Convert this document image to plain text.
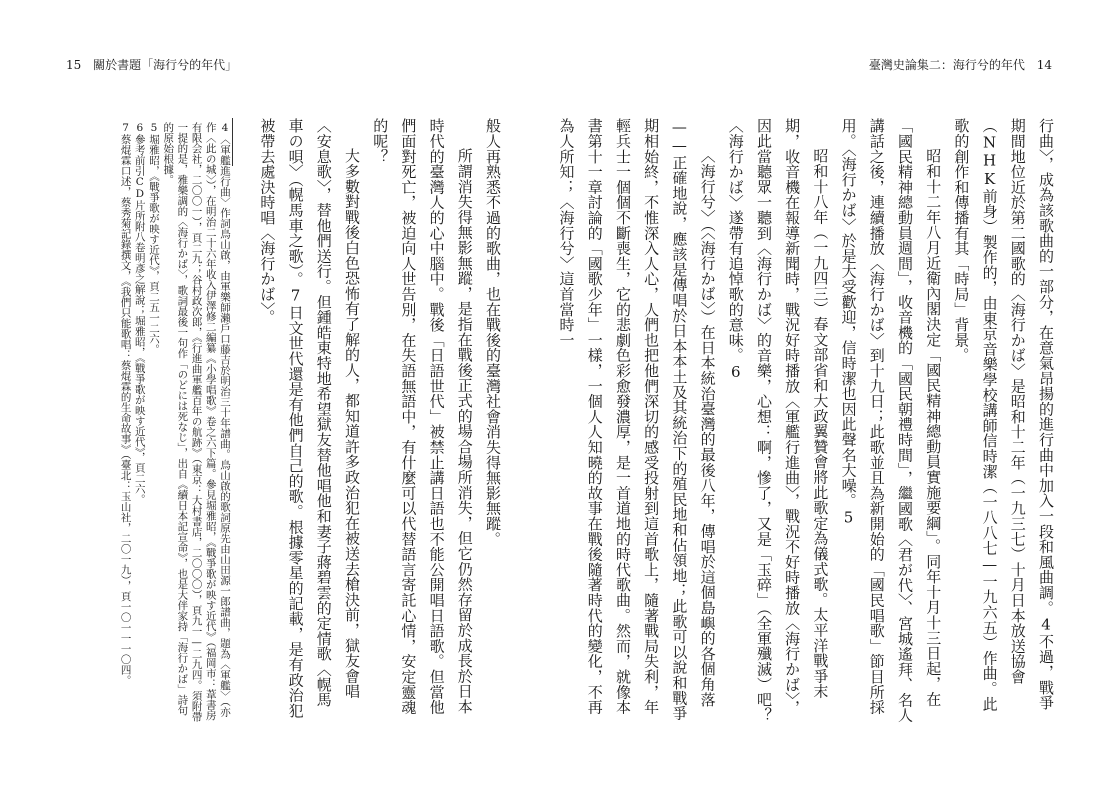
15 關於書題「海行兮的年代」

般人再熟悉不過的歌曲，也在戰後的臺灣社會消失得無影無蹤。

所謂消失得無影無蹤，是指在戰後正式的場合場所消失，但它仍然存留於成長於日本時代的臺灣人的心中腦中。戰後「日語世代」被禁止講日語也不能公開唱日語歌。但當他們面對死亡，被迫向人世告別，在失語無語中，有什麼可以代替語言寄託心情，安定靈魂的呢？

大多數對戰後白色恐怖有了解的人，都知道許多政治犯在被送去槍決前，獄友會唱〈安息歌〉，替他們送行。但鍾皓東特地希望獄友替他唱他和妻子蔣碧雲的定情歌〈幌馬車の唄〉（幌馬車之歌）。7日文世代還是有他們自己的歌。根據零星的記載，是有政治犯被帶去處決時唱〈海行かば〉。

4〈軍艦進行曲〉作詞鳥山啟，由軍樂師瀨戶口藤吉於明治三十年譜曲。鳥山啟的歌詞原先由山田源一郎譜曲，題為〈軍艦〉（亦作〈此の城〉），在明治二十六年收入伊澤修二編纂《小學唱歌》卷之六下篇。參見堀雅昭，《戰爭歌が映す近代》（福岡市：葦書房有限会社，二〇〇一），頁二九；谷村政次郎，《行進曲軍艦百年の航跡》（東京：大村書店，二〇〇〇），頁九一—二九四。須附帶一提的是，雅樂調的〈海行かば〉，歌詞最後一句作「のどには死なじ」，出自《續日本記宣命》，也是大伴家持「海行かば」詩句的原始根據。

5堀雅昭，《戰爭歌が映す近代》，頁二五一二六。

6參考前引CD片所附八卷明彥之解說；堀雅昭，《戰爭歌が映す近代》，頁二六。

7蔡焜霖口述，蔡秀菊記錄撰文，《我們只能歌唱：蔡焜霖的生命故事》（臺北：玉山社，二〇一九），頁一〇一一一〇四。

臺灣史論集二：海行兮的年代 14

行曲〉，成為該歌曲的一部分，在意氣昂揚的進行曲中加入一段和風曲調。4不過，戰爭期間地位近於第二國歌的〈海行かば〉是昭和十二年（一九三七）十月日本放送協會（NHK前身）製作的，由東京音樂學校講師信時潔（一八八七—一九六五）作曲。此歌的創作和傳播有其「時局」背景。

昭和十二年八月近衛內閣決定「國民精神總動員實施要綱」。同年十月十三日起，在「國民精神總動員週間」，收音機的「國民朝禮時間」，繼國歌〈君が代〉、宮城遙拜、名人講話之後，連續播放〈海行かば〉到十九日；此歌並且為新開始的「國民唱歌」節目所採用。〈海行かば〉於是大受歡迎，信時潔也因此聲名大噪。5

昭和十八年（一九四三）春文部省和大政翼贊會將此歌定為儀式歌。太平洋戰爭末期，收音機在報導新聞時，戰況好時播放〈軍艦行進曲〉，戰況不好時播放〈海行かば〉，因此當聽眾一聽到〈海行かば〉的音樂，心想：啊，慘了，又是「玉碎」（全軍殲滅）吧？〈海行かば〉遂帶有追悼歌的意味。6

〈海行兮〉（〈海行かば〉）在日本統治臺灣的最後八年，傳唱於這個島嶼的各個角落——正確地說，應該是傳唱於日本本土及其統治下的殖民地和佔領地；此歌可以說和戰爭期相始終，不惟深入人心，人們也把他們深切的感受投射到這首歌上，隨著戰局失利，年輕兵士一個個不斷喪生，它的悲劇色彩愈發濃厚，是一首道地的時代歌曲。然而，就像本書第十一章討論的「國歌少年」一樣，一個人人知曉的故事在戰後隨著時代的變化，不再為人所知；〈海行兮〉這首當時一
